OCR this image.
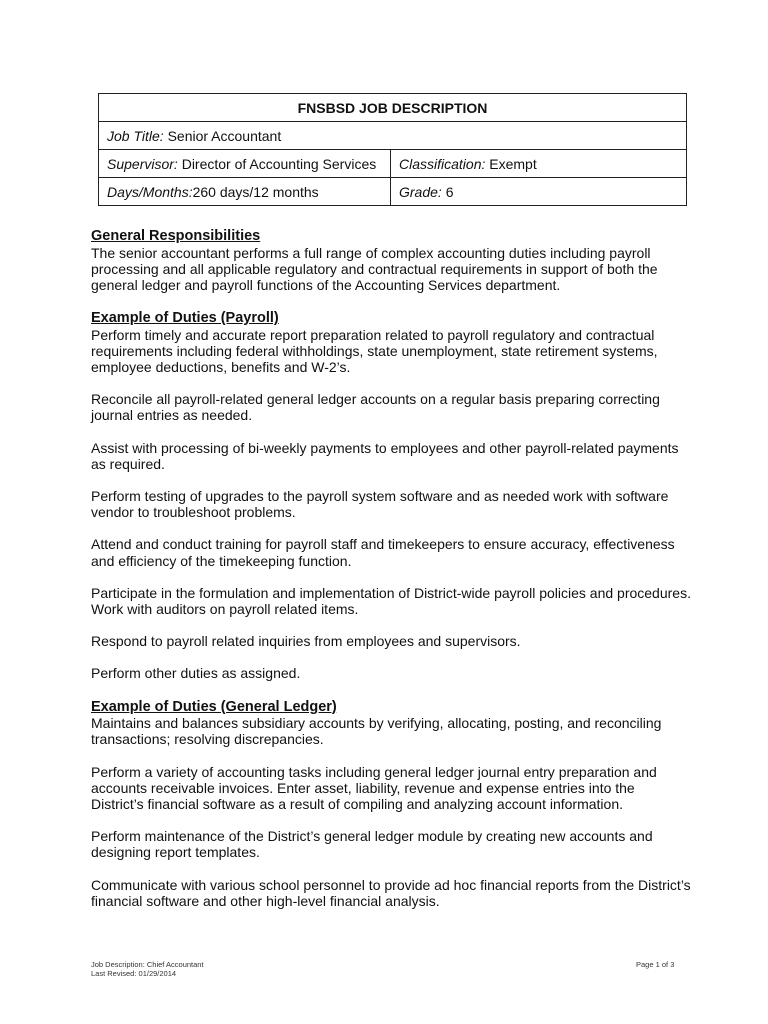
FNSBSD JOB DESCRIPTION	
Job Title: Senior Accountant	
Supervisor: Director of Accounting Services	Classification: Exempt
Days/Months:260 days/12 months	Grade: 6

General Responsibilities

The senior accountant performs a full range of complex accounting duties including payroll processing and all applicable regulatory and contractual requirements in support of both the general ledger and payroll functions of the Accounting Services department.

Example of Duties (Payroll)

Perform timely and accurate report preparation related to payroll regulatory and contractual requirements including federal withholdings, state unemployment, state retirement systems, employee deductions, benefits and W-2’s.

Reconcile all payroll-related general ledger accounts on a regular basis preparing correcting journal entries as needed.

Assist with processing of bi-weekly payments to employees and other payroll-related payments as required.

Perform testing of upgrades to the payroll system software and as needed work with software vendor to troubleshoot problems.

Attend and conduct training for payroll staff and timekeepers to ensure accuracy, effectiveness and efficiency of the timekeeping function.

Participate in the formulation and implementation of District-wide payroll policies and procedures. Work with auditors on payroll related items.

Respond to payroll related inquiries from employees and supervisors.

Perform other duties as assigned.

Example of Duties (General Ledger)

Maintains and balances subsidiary accounts by verifying, allocating, posting, and reconciling transactions; resolving discrepancies.

Perform a variety of accounting tasks including general ledger journal entry preparation and accounts receivable invoices. Enter asset, liability, revenue and expense entries into the District’s financial software as a result of compiling and analyzing account information.

Perform maintenance of the District’s general ledger module by creating new accounts and designing report templates.

Communicate with various school personnel to provide ad hoc financial reports from the District’s financial software and other high-level financial analysis.

Job Description: Chief Accountant
Last Revised: 01/29/2014
Page 1 of 3
